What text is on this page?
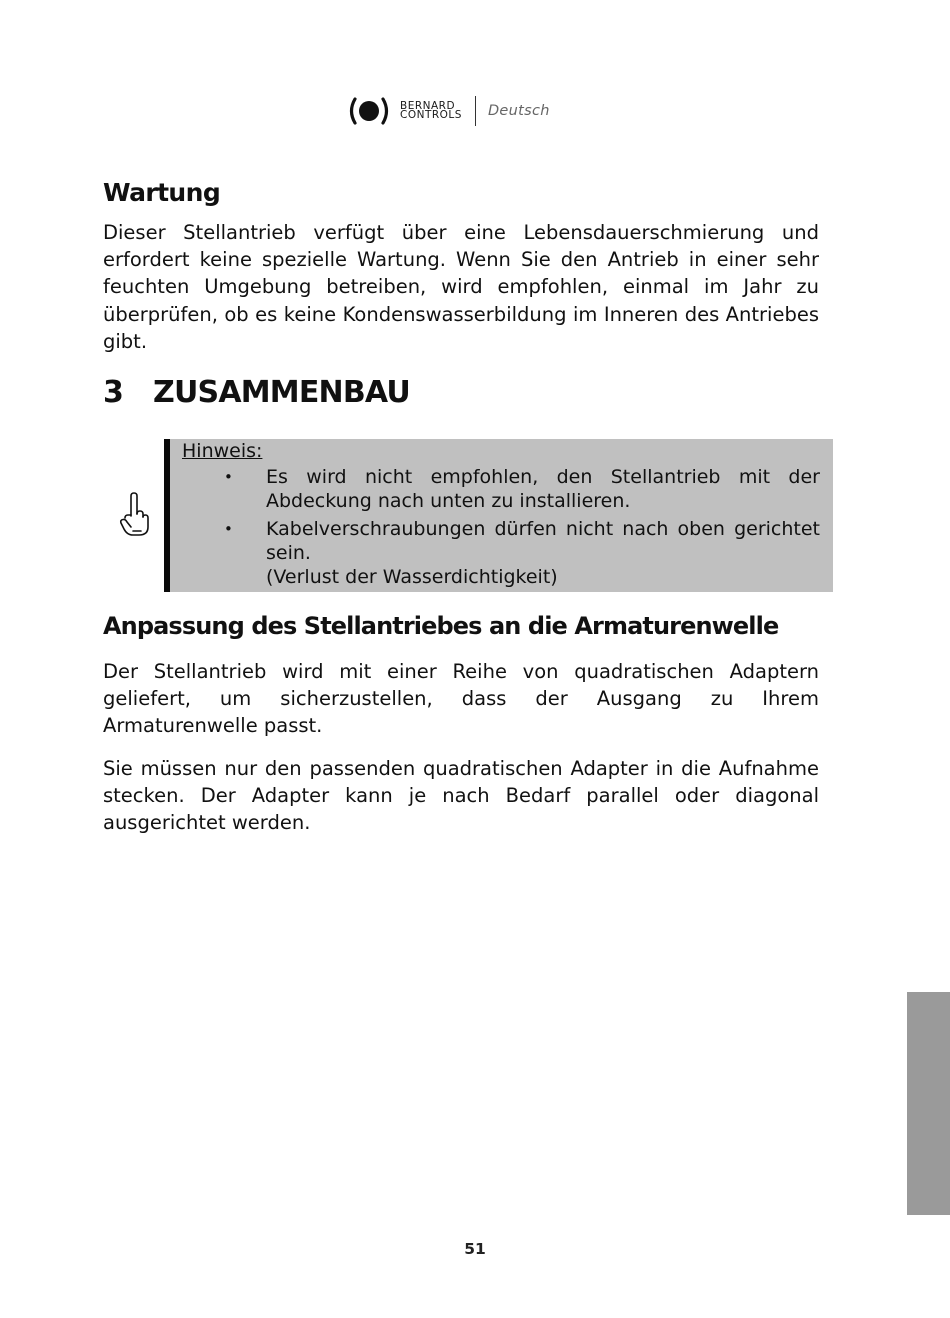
BERNARD
CONTROLS Deutsch
Wartung

Dieser Stellantrieb verfügt über eine Lebensdauerschmierung und erfordert keine spezielle Wartung. Wenn Sie den Antrieb in einer sehr feuchten Umgebung betreiben, wird empfohlen, einmal im Jahr zu überprüfen, ob es keine Kondenswasserbildung im Inneren des Antriebes gibt.

3 ZUSAMMENBAU

Hinweis:

• Es wird nicht empfohlen, den Stellantrieb mit der Abdeckung nach unten zu installieren.
• Kabelverschraubungen dürfen nicht nach oben gerichtet sein.
(Verlust der Wasserdichtigkeit)
Anpassung des Stellantriebes an die Armaturenwelle

Der Stellantrieb wird mit einer Reihe von quadratischen Adaptern geliefert, um sicherzustellen, dass der Ausgang zu Ihrem Armaturenwelle passt.

Sie müssen nur den passenden quadratischen Adapter in die Aufnahme stecken. Der Adapter kann je nach Bedarf parallel oder diagonal ausgerichtet werden.

51
